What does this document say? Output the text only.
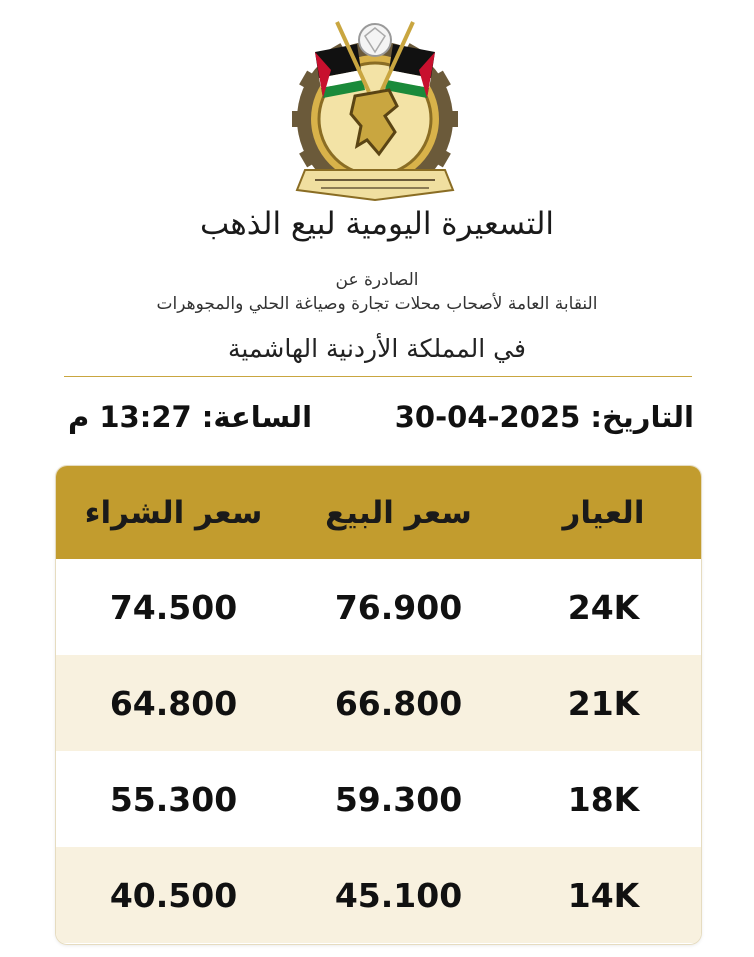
التسعيرة اليومية لبيع الذهب
الصادرة عن
النقابة العامة لأصحاب محلات تجارة وصياغة الحلي والمجوهرات
في المملكة الأردنية الهاشمية
التاريخ: 30-04-2025
الساعة: 13:27 م
العيار
سعر البيع
سعر الشراء
24K
76.900
74.500
21K
66.800
64.800
18K
59.300
55.300
14K
45.100
40.500
